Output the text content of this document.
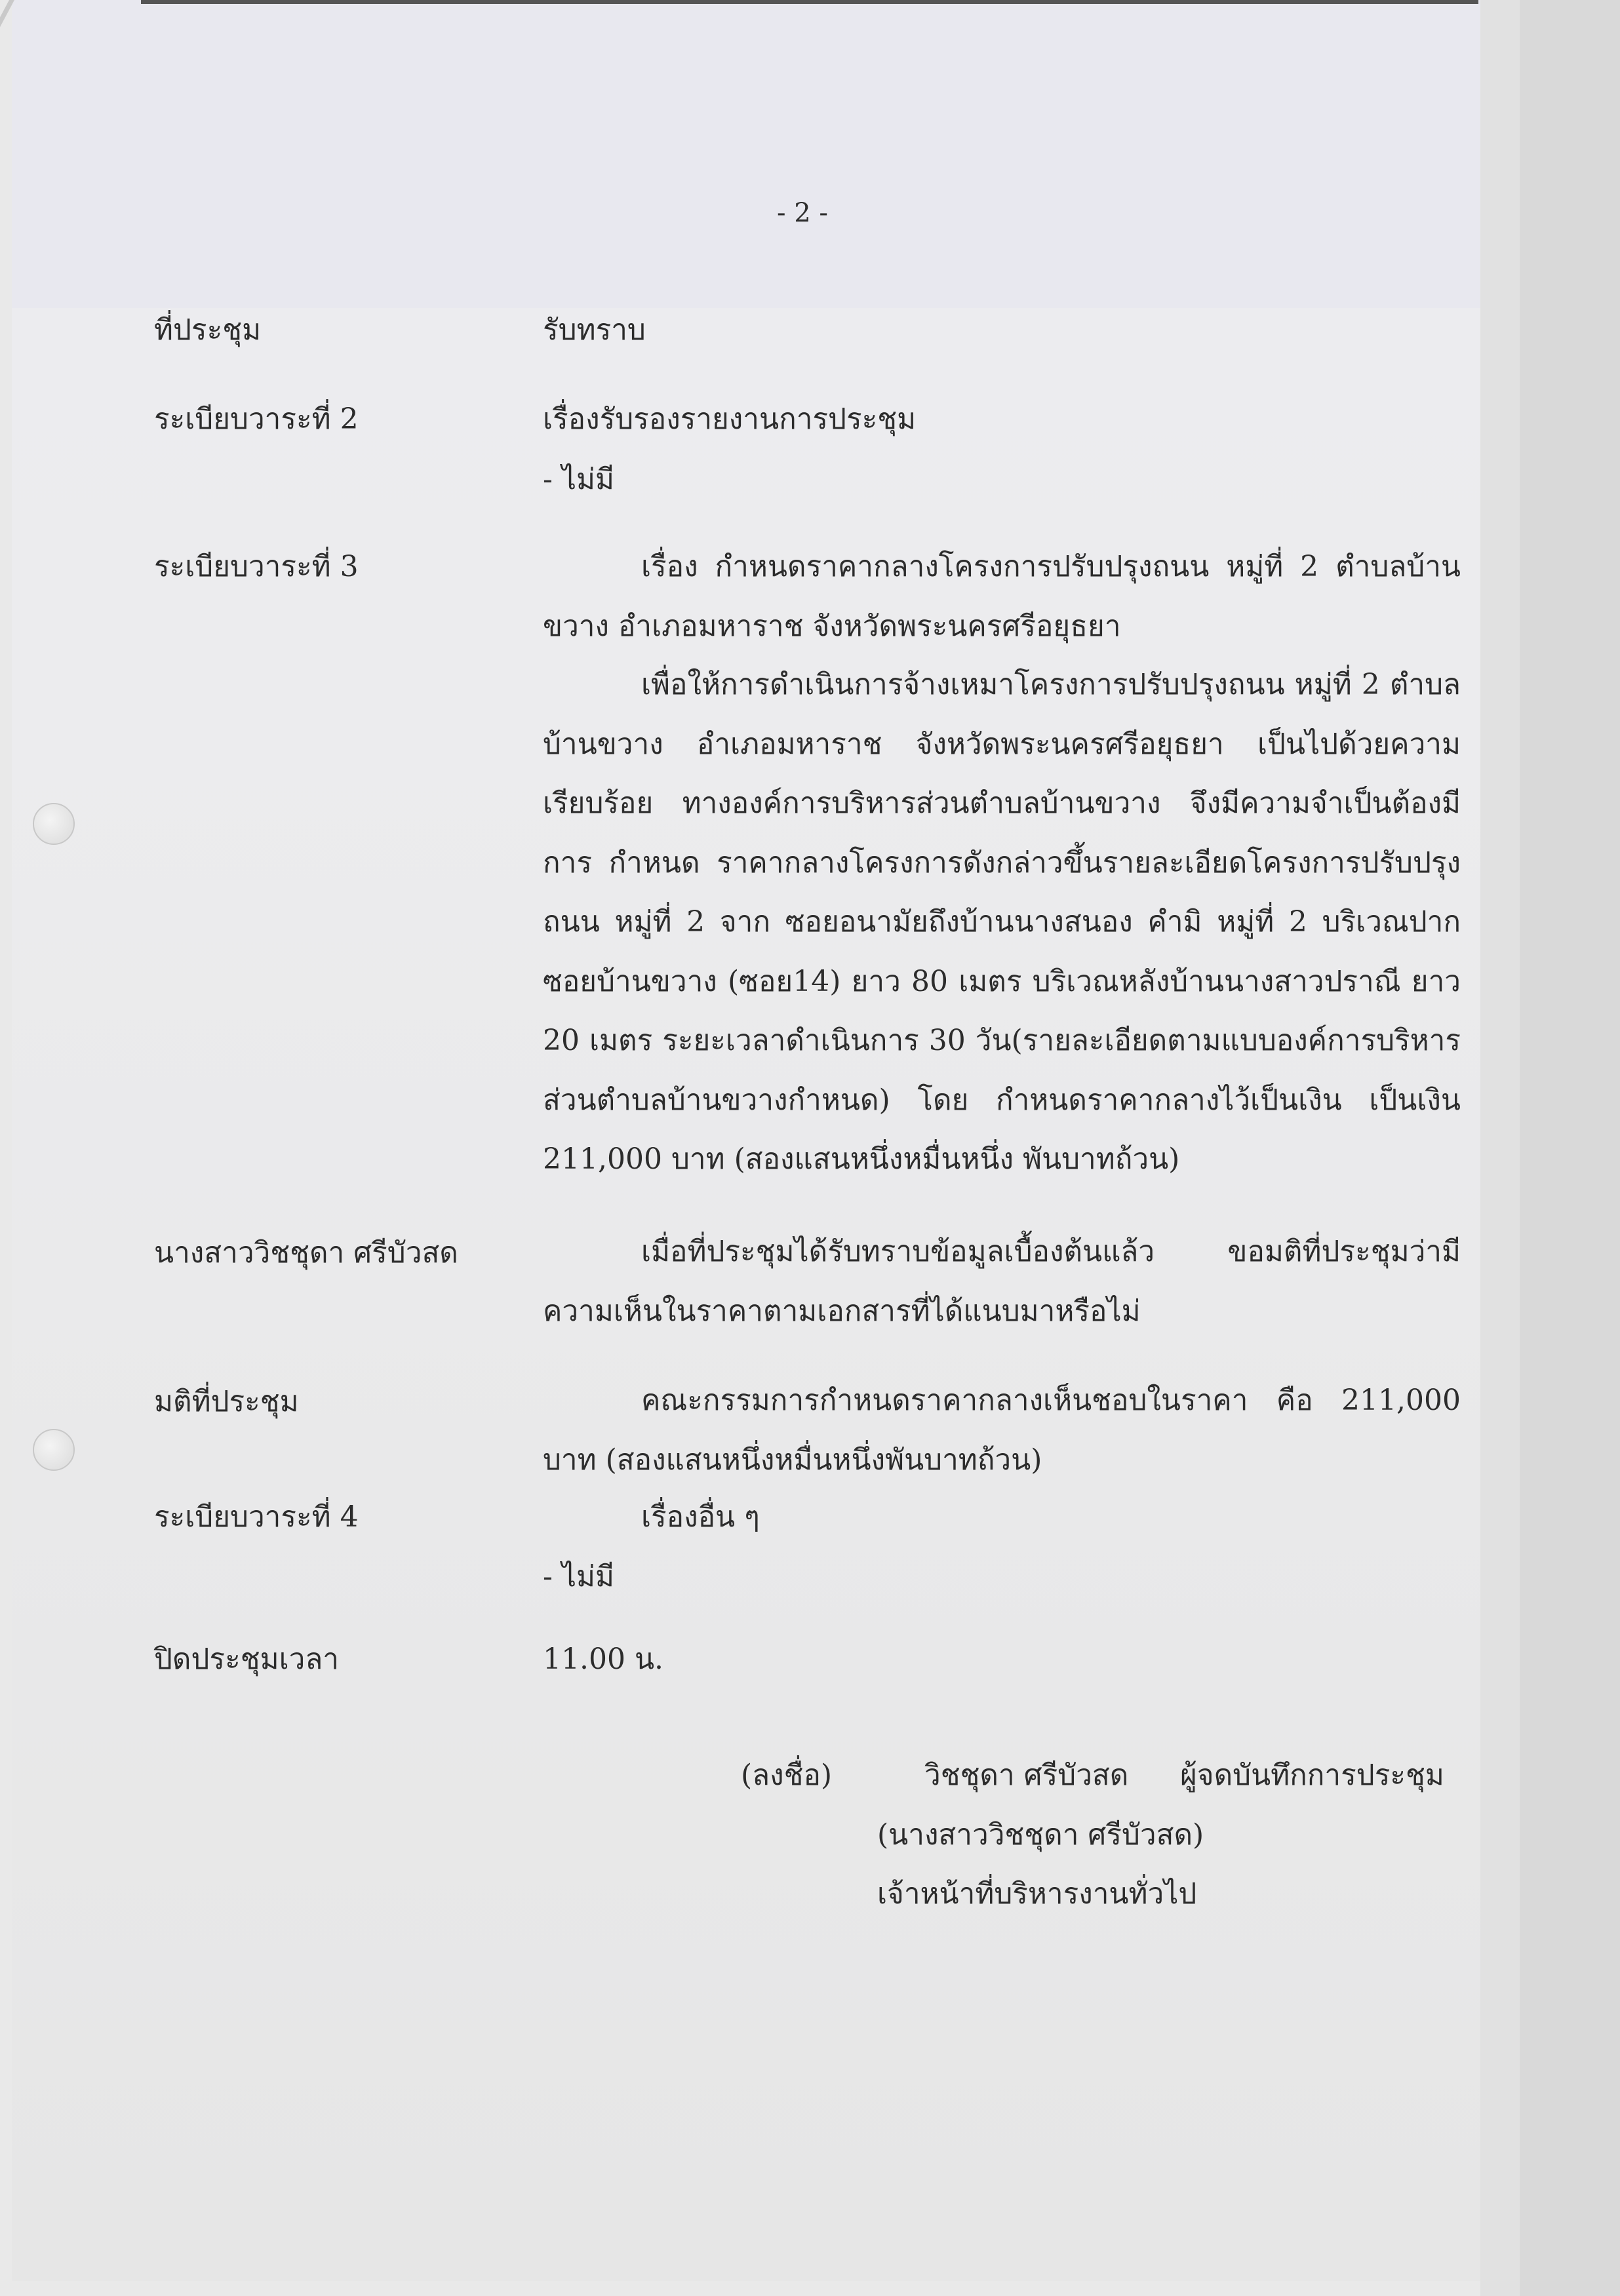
- 2 -
ที่ประชุม	รับทราบ
ระเบียบวาระที่ 2	เรื่องรับรองรายงานการประชุม
- ไม่มี
ระเบียบวาระที่ 3	เรื่อง กำหนดราคากลางโครงการปรับปรุงถนน หมู่ที่ 2 ตำบลบ้านขวาง อำเภอมหาราช จังหวัดพระนครศรีอยุธยา
เพื่อให้การดำเนินการจ้างเหมาโครงการปรับปรุงถนน หมู่ที่ 2 ตำบลบ้านขวาง อำเภอมหาราช จังหวัดพระนครศรีอยุธยา เป็นไปด้วยความเรียบร้อย ทางองค์การบริหารส่วนตำบลบ้านขวาง จึงมีความจำเป็นต้องมีการ กำหนด ราคากลางโครงการดังกล่าวขึ้นรายละเอียดโครงการปรับปรุงถนน หมู่ที่ 2 จาก ซอยอนามัยถึงบ้านนางสนอง คำมิ หมู่ที่ 2 บริเวณปากซอยบ้านขวาง (ซอย14) ยาว 80 เมตร บริเวณหลังบ้านนางสาวปราณี ยาว 20 เมตร ระยะเวลาดำเนินการ 30 วัน(รายละเอียดตามแบบองค์การบริหารส่วนตำบลบ้านขวางกำหนด) โดย กำหนดราคากลางไว้เป็นเงิน เป็นเงิน 211,000 บาท (สองแสนหนึ่งหมื่นหนึ่ง พันบาทถ้วน)
นางสาววิชชุดา ศรีบัวสด	เมื่อที่ประชุมได้รับทราบข้อมูลเบื้องต้นแล้ว ขอมติที่ประชุมว่ามี ความเห็นในราคาตามเอกสารที่ได้แนบมาหรือไม่
มติที่ประชุม	คณะกรรมการกำหนดราคากลางเห็นชอบในราคา คือ 211,000 บาท (สองแสนหนึ่งหมื่นหนึ่งพันบาทถ้วน)
ระเบียบวาระที่ 4	เรื่องอื่น ๆ
- ไม่มี
ปิดประชุมเวลา	11.00 น.
(ลงชื่อ)	วิชชุดา ศรีบัวสด ผู้จดบันทึกการประชุม
(นางสาววิชชุดา ศรีบัวสด)
เจ้าหน้าที่บริหารงานทั่วไป
